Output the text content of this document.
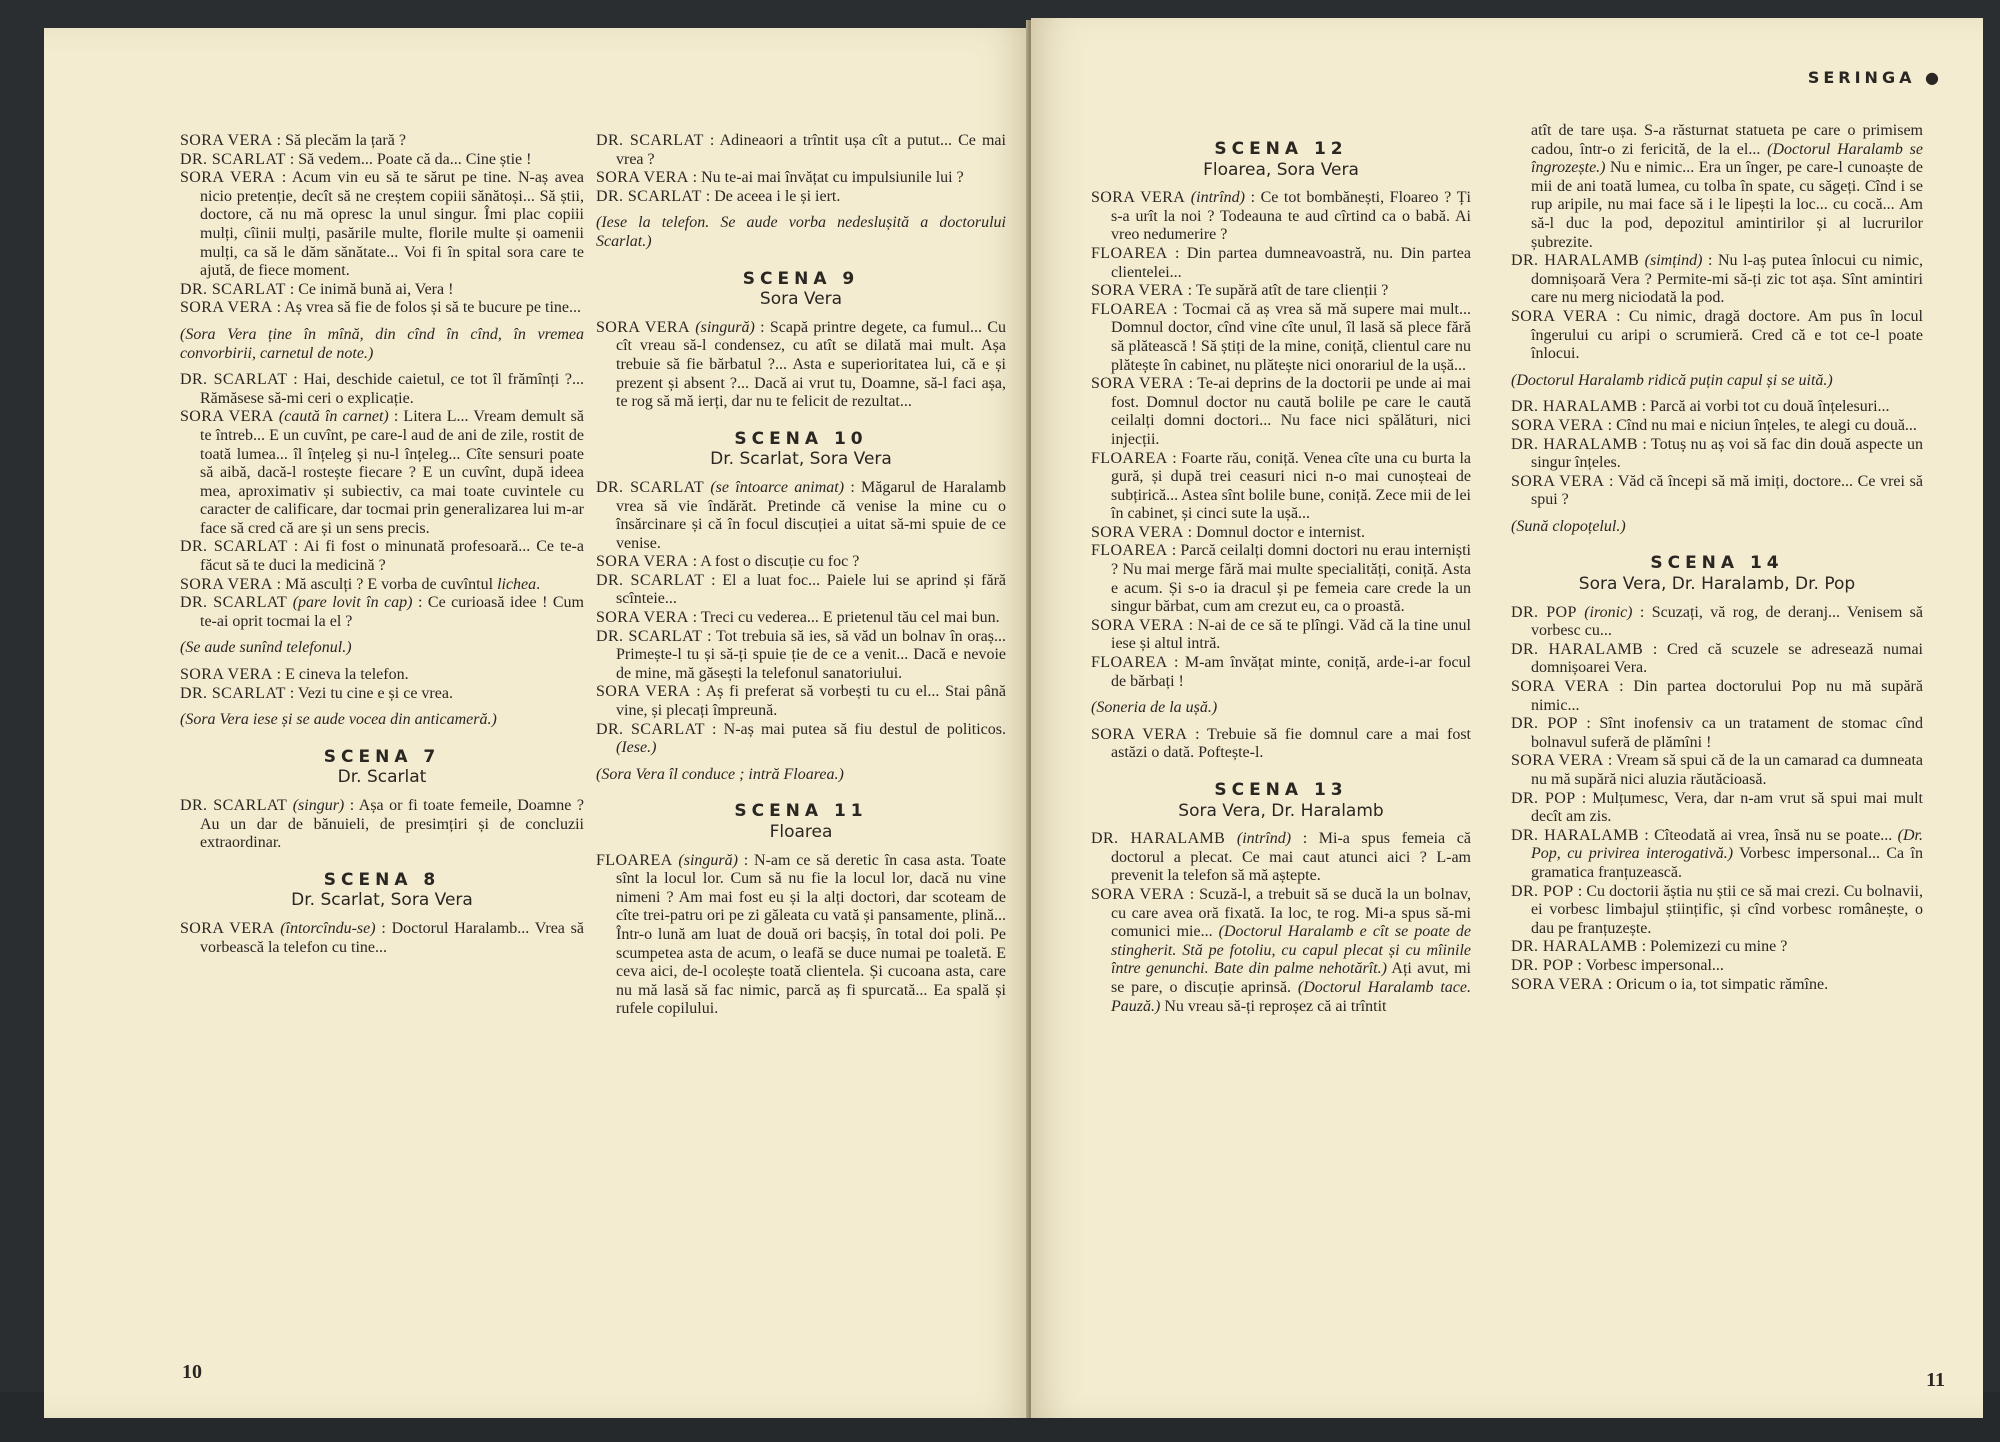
SORA VERA : Să plecăm la țară ?

DR. SCARLAT : Să vedem... Poate că da... Cine știe !

SORA VERA : Acum vin eu să te sărut pe tine. N-aș avea nicio pretenție, decît să ne creștem copiii sănătoși... Să știi, doctore, că nu mă opresc la unul singur. Îmi plac copiii mulți, cîinii mulți, pasările multe, florile multe și oamenii mulți, ca să le dăm sănătate... Voi fi în spital sora care te ajută, de fiece moment.

DR. SCARLAT : Ce inimă bună ai, Vera !

SORA VERA : Aș vrea să fie de folos și să te bucure pe tine...

(Sora Vera ține în mînă, din cînd în cînd, în vremea convorbirii, carnetul de note.)

DR. SCARLAT : Hai, deschide caietul, ce tot îl frămînți ?... Rămăsese să-mi ceri o explicație.

SORA VERA (caută în carnet) : Litera L... Vream demult să te întreb... E un cuvînt, pe care-l aud de ani de zile, rostit de toată lumea... îl înțeleg și nu-l înțeleg... Cîte sensuri poate să aibă, dacă-l rostește fiecare ? E un cuvînt, după ideea mea, aproximativ și subiectiv, ca mai toate cuvintele cu caracter de calificare, dar tocmai prin generalizarea lui m-ar face să cred că are și un sens precis.

DR. SCARLAT : Ai fi fost o minunată profesoară... Ce te-a făcut să te duci la medicină ?

SORA VERA : Mă asculți ? E vorba de cuvîntul lichea.

DR. SCARLAT (pare lovit în cap) : Ce curioasă idee ! Cum te-ai oprit tocmai la el ?

(Se aude sunînd telefonul.)

SORA VERA : E cineva la telefon.

DR. SCARLAT : Vezi tu cine e și ce vrea.

(Sora Vera iese și se aude vocea din anticameră.)

SCENA 7
Dr. Scarlat

DR. SCARLAT (singur) : Așa or fi toate femeile, Doamne ? Au un dar de bănuieli, de presimțiri și de concluzii extraordinar.

SCENA 8
Dr. Scarlat, Sora Vera

SORA VERA (întorcîndu-se) : Doctorul Haralamb... Vrea să vorbească la telefon cu tine...

DR. SCARLAT : Adineaori a trîntit ușa cît a putut... Ce mai vrea ?

SORA VERA : Nu te-ai mai învățat cu impulsiunile lui ?

DR. SCARLAT : De aceea i le și iert.

(Iese la telefon. Se aude vorba nedeslușită a doctorului Scarlat.)

SCENA 9
Sora Vera

SORA VERA (singură) : Scapă printre degete, ca fumul... Cu cît vreau să-l condensez, cu atît se dilată mai mult. Așa trebuie să fie bărbatul ?... Asta e superioritatea lui, că e și prezent și absent ?... Dacă ai vrut tu, Doamne, să-l faci așa, te rog să mă ierți, dar nu te felicit de rezultat...

SCENA 10
Dr. Scarlat, Sora Vera

DR. SCARLAT (se întoarce animat) : Măgarul de Haralamb vrea să vie îndărăt. Pretinde că venise la mine cu o însărcinare și că în focul discuției a uitat să-mi spuie de ce venise.

SORA VERA : A fost o discuție cu foc ?

DR. SCARLAT : El a luat foc... Paiele lui se aprind și fără scînteie...

SORA VERA : Treci cu vederea... E prietenul tău cel mai bun.

DR. SCARLAT : Tot trebuia să ies, să văd un bolnav în oraș... Primește-l tu și să-ți spuie ție de ce a venit... Dacă e nevoie de mine, mă găsești la telefonul sanatoriului.

SORA VERA : Aș fi preferat să vorbești tu cu el... Stai până vine, și plecați împreună.

DR. SCARLAT : N-aș mai putea să fiu destul de politicos. (Iese.)

(Sora Vera îl conduce ; intră Floarea.)

SCENA 11
Floarea

FLOAREA (singură) : N-am ce să deretic în casa asta. Toate sînt la locul lor. Cum să nu fie la locul lor, dacă nu vine nimeni ? Am mai fost eu și la alți doctori, dar scoteam de cîte trei-patru ori pe zi găleata cu vată și pansamente, plină... Într-o lună am luat de două ori bacșiș, în total doi poli. Pe scumpetea asta de acum, o leafă se duce numai pe toaletă. E ceva aici, de-l ocolește toată clientela. Și cucoana asta, care nu mă lasă să fac nimic, parcă aș fi spurcată... Ea spală și rufele copilului.

10
SERINGA ●
SCENA 12
Floarea, Sora Vera

SORA VERA (intrînd) : Ce tot bombănești, Floareo ? Ți s-a urît la noi ? Todeauna te aud cîrtind ca o babă. Ai vreo nedumerire ?

FLOAREA : Din partea dumneavoastră, nu. Din partea clientelei...

SORA VERA : Te supără atît de tare clienții ?

FLOAREA : Tocmai că aș vrea să mă supere mai mult... Domnul doctor, cînd vine cîte unul, îl lasă să plece fără să plătească ! Să știți de la mine, coniță, clientul care nu plătește în cabinet, nu plătește nici onorariul de la ușă...

SORA VERA : Te-ai deprins de la doctorii pe unde ai mai fost. Domnul doctor nu caută bolile pe care le caută ceilalți domni doctori... Nu face nici spălături, nici injecții.

FLOAREA : Foarte rău, coniță. Venea cîte una cu burta la gură, și după trei ceasuri nici n-o mai cunoșteai de subțirică... Astea sînt bolile bune, coniță. Zece mii de lei în cabinet, și cinci sute la ușă...

SORA VERA : Domnul doctor e internist.

FLOAREA : Parcă ceilalți domni doctori nu erau interniști ? Nu mai merge fără mai multe specialități, coniță. Asta e acum. Și s-o ia dracul și pe femeia care crede la un singur bărbat, cum am crezut eu, ca o proastă.

SORA VERA : N-ai de ce să te plîngi. Văd că la tine unul iese și altul intră.

FLOAREA : M-am învățat minte, coniță, arde-i-ar focul de bărbați !

(Soneria de la ușă.)

SORA VERA : Trebuie să fie domnul care a mai fost astăzi o dată. Poftește-l.

SCENA 13
Sora Vera, Dr. Haralamb

DR. HARALAMB (intrînd) : Mi-a spus femeia că doctorul a plecat. Ce mai caut atunci aici ? L-am prevenit la telefon să mă aștepte.

SORA VERA : Scuză-l, a trebuit să se ducă la un bolnav, cu care avea oră fixată. Ia loc, te rog. Mi-a spus să-mi comunici mie... (Doctorul Haralamb e cît se poate de stingherit. Stă pe fotoliu, cu capul plecat și cu mîinile între genunchi. Bate din palme nehotărît.) Ați avut, mi se pare, o discuție aprinsă. (Doctorul Haralamb tace. Pauză.) Nu vreau să-ți reproșez că ai trîntit

atît de tare ușa. S-a răsturnat statueta pe care o primisem cadou, într-o zi fericită, de la el... (Doctorul Haralamb se îngrozește.) Nu e nimic... Era un înger, pe care-l cunoaște de mii de ani toată lumea, cu tolba în spate, cu săgeți. Cînd i se rup aripile, nu mai face să i le lipești la loc... cu cocă... Am să-l duc la pod, depozitul amintirilor și al lucrurilor șubrezite.

DR. HARALAMB (simțind) : Nu l-aș putea înlocui cu nimic, domnișoară Vera ? Permite-mi să-ți zic tot așa. Sînt amintiri care nu merg niciodată la pod.

SORA VERA : Cu nimic, dragă doctore. Am pus în locul îngerului cu aripi o scrumieră. Cred că e tot ce-l poate înlocui.

(Doctorul Haralamb ridică puțin capul și se uită.)

DR. HARALAMB : Parcă ai vorbi tot cu două înțelesuri...

SORA VERA : Cînd nu mai e niciun înțeles, te alegi cu două...

DR. HARALAMB : Totuș nu aș voi să fac din două aspecte un singur înțeles.

SORA VERA : Văd că începi să mă imiți, doctore... Ce vrei să spui ?

(Sună clopoțelul.)

SCENA 14
Sora Vera, Dr. Haralamb, Dr. Pop

DR. POP (ironic) : Scuzați, vă rog, de deranj... Venisem să vorbesc cu...

DR. HARALAMB : Cred că scuzele se adresează numai domnișoarei Vera.

SORA VERA : Din partea doctorului Pop nu mă supără nimic...

DR. POP : Sînt inofensiv ca un tratament de stomac cînd bolnavul suferă de plămîni !

SORA VERA : Vream să spui că de la un camarad ca dumneata nu mă supără nici aluzia răutăcioasă.

DR. POP : Mulțumesc, Vera, dar n-am vrut să spui mai mult decît am zis.

DR. HARALAMB : Cîteodată ai vrea, însă nu se poate... (Dr. Pop, cu privirea interogativă.) Vorbesc impersonal... Ca în gramatica franțuzească.

DR. POP : Cu doctorii ăștia nu știi ce să mai crezi. Cu bolnavii, ei vorbesc limbajul științific, și cînd vorbesc românește, o dau pe franțuzește.

DR. HARALAMB : Polemizezi cu mine ?

DR. POP : Vorbesc impersonal...

SORA VERA : Oricum o ia, tot simpatic rămîne.

11
